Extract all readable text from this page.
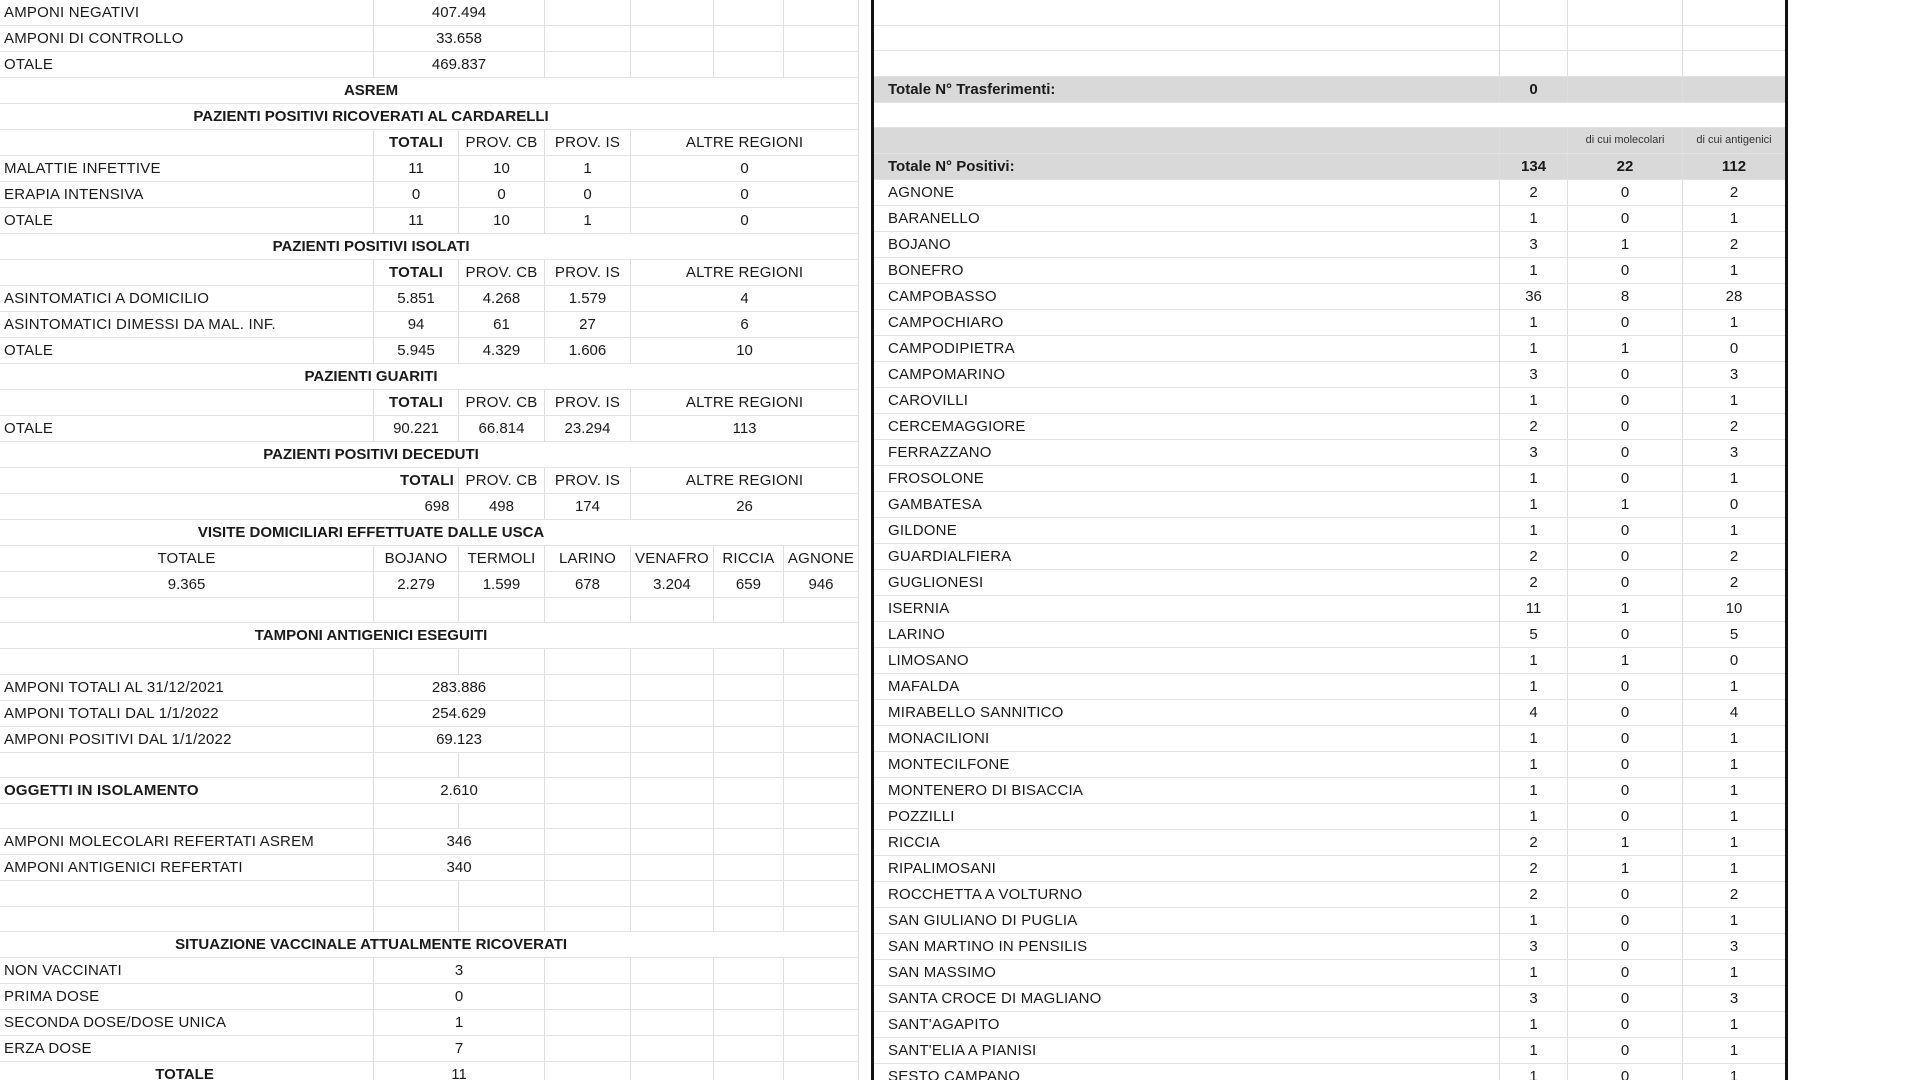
AMPONI NEGATIVI	407.494					
AMPONI DI CONTROLLO	33.658					
OTALE	469.837					
ASREM						
PAZIENTI POSITIVI RICOVERATI AL CARDARELLI						
	TOTALI	PROV. CB	PROV. IS	ALTRE REGIONI		
MALATTIE INFETTIVE	11	10	1	0		
ERAPIA INTENSIVA	0	0	0	0		
OTALE	11	10	1	0		
PAZIENTI POSITIVI ISOLATI						
	TOTALI	PROV. CB	PROV. IS	ALTRE REGIONI		
ASINTOMATICI A DOMICILIO	5.851	4.268	1.579	4		
ASINTOMATICI DIMESSI DA MAL. INF.	94	61	27	6		
OTALE	5.945	4.329	1.606	10		
PAZIENTI GUARITI						
	TOTALI	PROV. CB	PROV. IS	ALTRE REGIONI		
OTALE	90.221	66.814	23.294	113		
PAZIENTI POSITIVI DECEDUTI						
TOTALI		PROV. CB	PROV. IS	ALTRE REGIONI		
698		498	174	26		
VISITE DOMICILIARI EFFETTUATE DALLE USCA						
TOTALE	BOJANO	TERMOLI	LARINO	VENAFRO	RICCIA	AGNONE
9.365	2.279	1.599	678	3.204	659	946

TAMPONI ANTIGENICI ESEGUITI						

AMPONI TOTALI AL 31/12/2021	283.886					
AMPONI TOTALI DAL 1/1/2022	254.629					
AMPONI POSITIVI DAL 1/1/2022	69.123					

OGGETTI IN ISOLAMENTO	2.610					

AMPONI MOLECOLARI REFERTATI ASREM	346					
AMPONI ANTIGENICI REFERTATI	340					

SITUAZIONE VACCINALE ATTUALMENTE RICOVERATI						
NON VACCINATI	3					
PRIMA DOSE	0					
SECONDA DOSE/DOSE UNICA	1					
ERZA DOSE	7					
TOTALE	11					

Totale N° Trasferimenti:	0		

		di cui molecolari	di cui antigenici
Totale N° Positivi:	134	22	112
AGNONE	2	0	2
BARANELLO	1	0	1
BOJANO	3	1	2
BONEFRO	1	0	1
CAMPOBASSO	36	8	28
CAMPOCHIARO	1	0	1
CAMPODIPIETRA	1	1	0
CAMPOMARINO	3	0	3
CAROVILLI	1	0	1
CERCEMAGGIORE	2	0	2
FERRAZZANO	3	0	3
FROSOLONE	1	0	1
GAMBATESA	1	1	0
GILDONE	1	0	1
GUARDIALFIERA	2	0	2
GUGLIONESI	2	0	2
ISERNIA	11	1	10
LARINO	5	0	5
LIMOSANO	1	1	0
MAFALDA	1	0	1
MIRABELLO SANNITICO	4	0	4
MONACILIONI	1	0	1
MONTECILFONE	1	0	1
MONTENERO DI BISACCIA	1	0	1
POZZILLI	1	0	1
RICCIA	2	1	1
RIPALIMOSANI	2	1	1
ROCCHETTA A VOLTURNO	2	0	2
SAN GIULIANO DI PUGLIA	1	0	1
SAN MARTINO IN PENSILIS	3	0	3
SAN MASSIMO	1	0	1
SANTA CROCE DI MAGLIANO	3	0	3
SANT'AGAPITO	1	0	1
SANT'ELIA A PIANISI	1	0	1
SESTO CAMPANO	1	0	1
